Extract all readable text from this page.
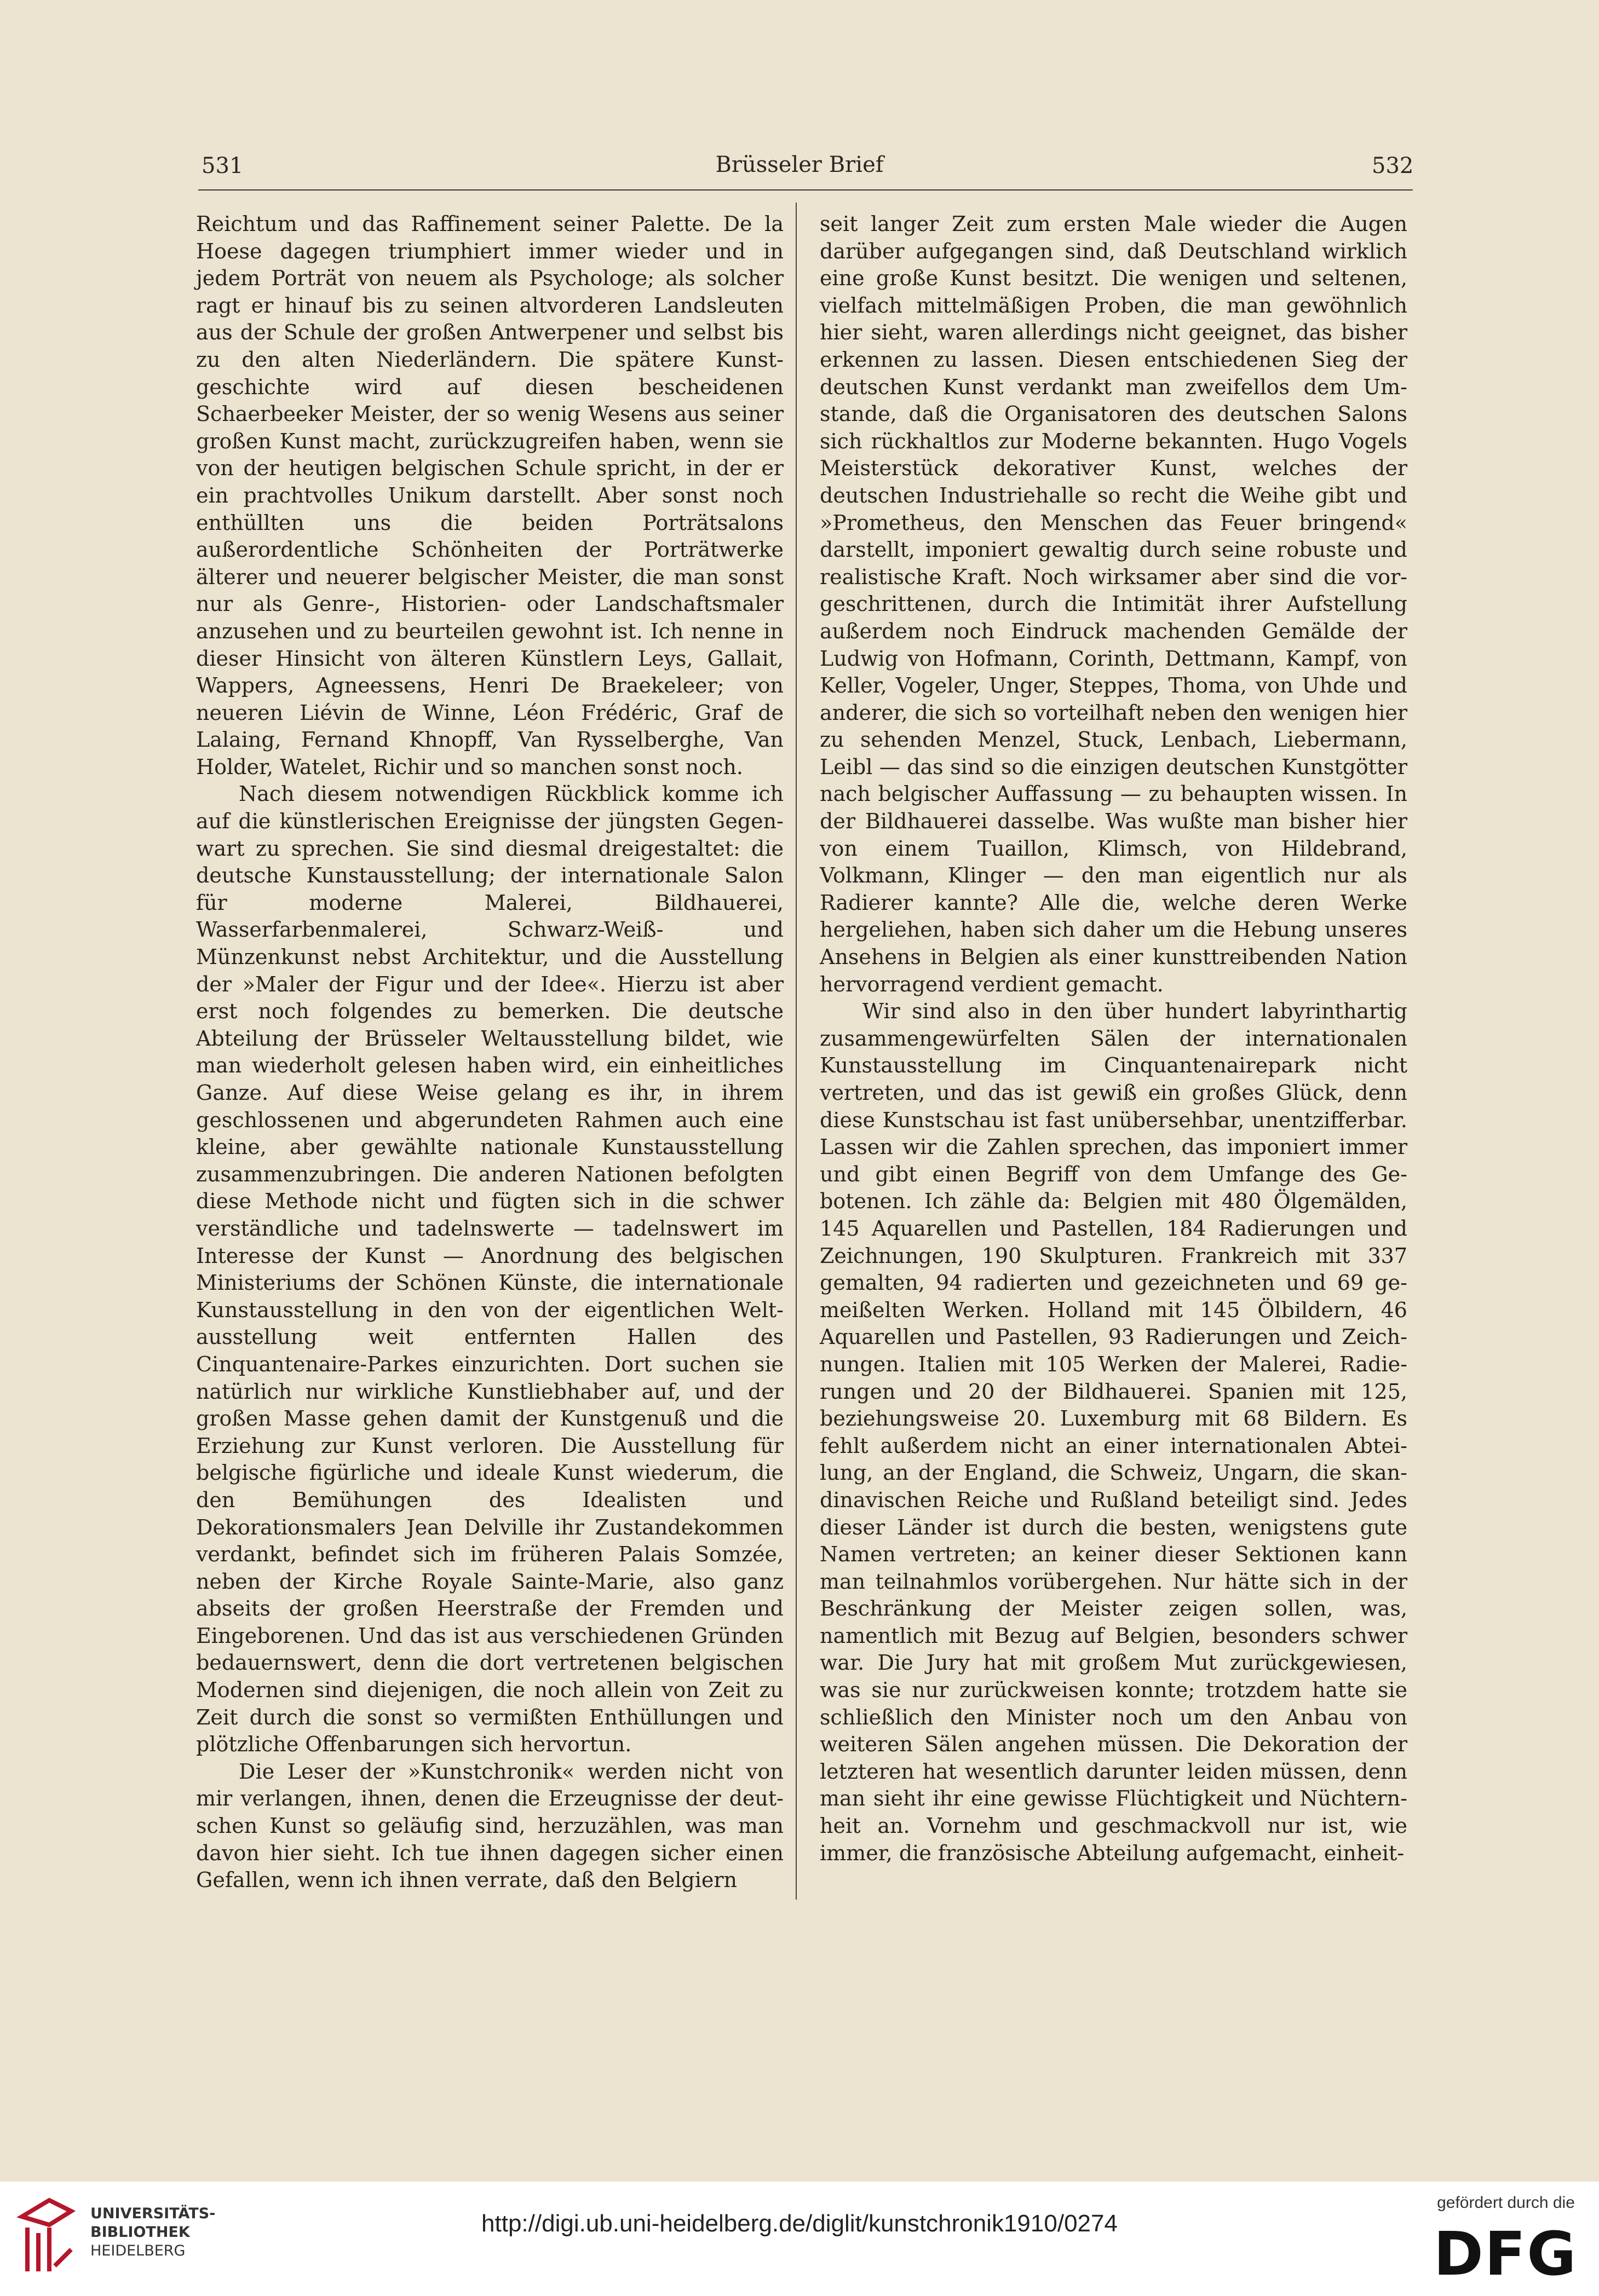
531	Brüsseler Brief	532

Reichtum und das Raffinement seiner Palette. De la Hoese dagegen triumphiert immer wieder und in jedem Porträt von neuem als Psychologe; als solcher ragt er hinauf bis zu seinen altvorderen Landsleuten aus der Schule der großen Antwerpener und selbst bis zu den alten Niederländern. Die spätere Kunstgeschichte wird auf diesen bescheidenen Schaerbeeker Meister, der so wenig Wesens aus seiner großen Kunst macht, zurückzugreifen haben, wenn sie von der heutigen belgischen Schule spricht, in der er ein prachtvolles Unikum darstellt. Aber sonst noch enthüllten uns die beiden Porträtsalons außerordentliche Schönheiten der Porträtwerke älterer und neuerer belgischer Meister, die man sonst nur als Genre-, Historien- oder Landschaftsmaler anzusehen und zu beurteilen gewohnt ist. Ich nenne in dieser Hinsicht von älteren Künstlern Leys, Gallait, Wappers, Agneessens, Henri De Braekeleer; von neueren Liévin de Winne, Léon Frédéric, Graf de Lalaing, Fernand Khnopff, Van Rysselberghe, Van Holder, Watelet, Richir und so manchen sonst noch.

Nach diesem notwendigen Rückblick komme ich auf die künstlerischen Ereignisse der jüngsten Gegenwart zu sprechen. Sie sind diesmal dreigestaltet: die deutsche Kunstausstellung; der internationale Salon für moderne Malerei, Bildhauerei, Wasserfarbenmalerei, Schwarz-Weiß- und Münzenkunst nebst Architektur, und die Ausstellung der »Maler der Figur und der Idee«. Hierzu ist aber erst noch folgendes zu bemerken. Die deutsche Abteilung der Brüsseler Weltausstellung bildet, wie man wiederholt gelesen haben wird, ein einheitliches Ganze. Auf diese Weise gelang es ihr, in ihrem geschlossenen und abgerundeten Rahmen auch eine kleine, aber gewählte nationale Kunstausstellung zusammenzubringen. Die anderen Nationen befolgten diese Methode nicht und fügten sich in die schwer verständliche und tadelnswerte — tadelnswert im Interesse der Kunst — Anordnung des belgischen Ministeriums der Schönen Künste, die internationale Kunstausstellung in den von der eigentlichen Weltausstellung weit entfernten Hallen des Cinquantenaire-Parkes einzurichten. Dort suchen sie natürlich nur wirkliche Kunstliebhaber auf, und der großen Masse gehen damit der Kunstgenuß und die Erziehung zur Kunst verloren. Die Ausstellung für belgische figürliche und ideale Kunst wiederum, die den Bemühungen des Idealisten und Dekorationsmalers Jean Delville ihr Zustandekommen verdankt, befindet sich im früheren Palais Somzée, neben der Kirche Royale Sainte-Marie, also ganz abseits der großen Heerstraße der Fremden und Eingeborenen. Und das ist aus verschiedenen Gründen bedauernswert, denn die dort vertretenen belgischen Modernen sind diejenigen, die noch allein von Zeit zu Zeit durch die sonst so vermißten Enthüllungen und plötzliche Offenbarungen sich hervortun.

Die Leser der »Kunstchronik« werden nicht von mir verlangen, ihnen, denen die Erzeugnisse der deutschen Kunst so geläufig sind, herzuzählen, was man davon hier sieht. Ich tue ihnen dagegen sicher einen Gefallen, wenn ich ihnen verrate, daß den Belgiern

seit langer Zeit zum ersten Male wieder die Augen darüber aufgegangen sind, daß Deutschland wirklich eine große Kunst besitzt. Die wenigen und seltenen, vielfach mittelmäßigen Proben, die man gewöhnlich hier sieht, waren allerdings nicht geeignet, das bisher erkennen zu lassen. Diesen entschiedenen Sieg der deutschen Kunst verdankt man zweifellos dem Umstande, daß die Organisatoren des deutschen Salons sich rückhaltlos zur Moderne bekannten. Hugo Vogels Meisterstück dekorativer Kunst, welches der deutschen Industriehalle so recht die Weihe gibt und »Prometheus, den Menschen das Feuer bringend« darstellt, imponiert gewaltig durch seine robuste und realistische Kraft. Noch wirksamer aber sind die vorgeschrittenen, durch die Intimität ihrer Aufstellung außerdem noch Eindruck machenden Gemälde der Ludwig von Hofmann, Corinth, Dettmann, Kampf, von Keller, Vogeler, Unger, Steppes, Thoma, von Uhde und anderer, die sich so vorteilhaft neben den wenigen hier zu sehenden Menzel, Stuck, Lenbach, Liebermann, Leibl — das sind so die einzigen deutschen Kunstgötter nach belgischer Auffassung — zu behaupten wissen. In der Bildhauerei dasselbe. Was wußte man bisher hier von einem Tuaillon, Klimsch, von Hildebrand, Volkmann, Klinger — den man eigentlich nur als Radierer kannte? Alle die, welche deren Werke hergeliehen, haben sich daher um die Hebung unseres Ansehens in Belgien als einer kunsttreibenden Nation hervorragend verdient gemacht.

Wir sind also in den über hundert labyrinthartig zusammengewürfelten Sälen der internationalen Kunstausstellung im Cinquantenairepark nicht vertreten, und das ist gewiß ein großes Glück, denn diese Kunstschau ist fast unübersehbar, unentzifferbar. Lassen wir die Zahlen sprechen, das imponiert immer und gibt einen Begriff von dem Umfange des Gebotenen. Ich zähle da: Belgien mit 480 Ölgemälden, 145 Aquarellen und Pastellen, 184 Radierungen und Zeichnungen, 190 Skulpturen. Frankreich mit 337 gemalten, 94 radierten und gezeichneten und 69 gemeißelten Werken. Holland mit 145 Ölbildern, 46 Aquarellen und Pastellen, 93 Radierungen und Zeichnungen. Italien mit 105 Werken der Malerei, Radierungen und 20 der Bildhauerei. Spanien mit 125, beziehungsweise 20. Luxemburg mit 68 Bildern. Es fehlt außerdem nicht an einer internationalen Abteilung, an der England, die Schweiz, Ungarn, die skandinavischen Reiche und Rußland beteiligt sind. Jedes dieser Länder ist durch die besten, wenigstens gute Namen vertreten; an keiner dieser Sektionen kann man teilnahmlos vorübergehen. Nur hätte sich in der Beschränkung der Meister zeigen sollen, was, namentlich mit Bezug auf Belgien, besonders schwer war. Die Jury hat mit großem Mut zurückgewiesen, was sie nur zurückweisen konnte; trotzdem hatte sie schließlich den Minister noch um den Anbau von weiteren Sälen angehen müssen. Die Dekoration der letzteren hat wesentlich darunter leiden müssen, denn man sieht ihr eine gewisse Flüchtigkeit und Nüchternheit an. Vornehm und geschmackvoll nur ist, wie immer, die französische Abteilung aufgemacht, einheit-

UNIVERSITÄTS-
BIBLIOTHEK
HEIDELBERG
http://digi.ub.uni-heidelberg.de/diglit/kunstchronik1910/0274
gefördert durch die
DFG
